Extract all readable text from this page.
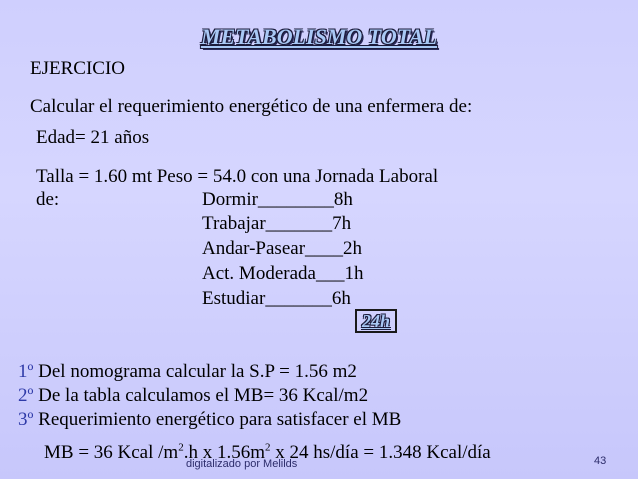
METABOLISMO TOTAL
EJERCICIO
Calcular el requerimiento energético de una enfermera de:
Edad= 21 años
Talla = 1.60 mt Peso = 54.0 con una Jornada Laboral
de:	Dormir________8h
Trabajar_______7h
Andar-Pasear____2h
Act. Moderada___1h
Estudiar_______6h
24h
1º Del nomograma calcular la S.P = 1.56 m2
2º De la tabla calculamos el MB= 36 Kcal/m2
3º Requerimiento energético para satisfacer el MB
MB = 36 Kcal $/m^2.h$ x $1.56m^2$ x 24 hs/día = 1.348 Kcal/día
digitalizado por Melilds	43
